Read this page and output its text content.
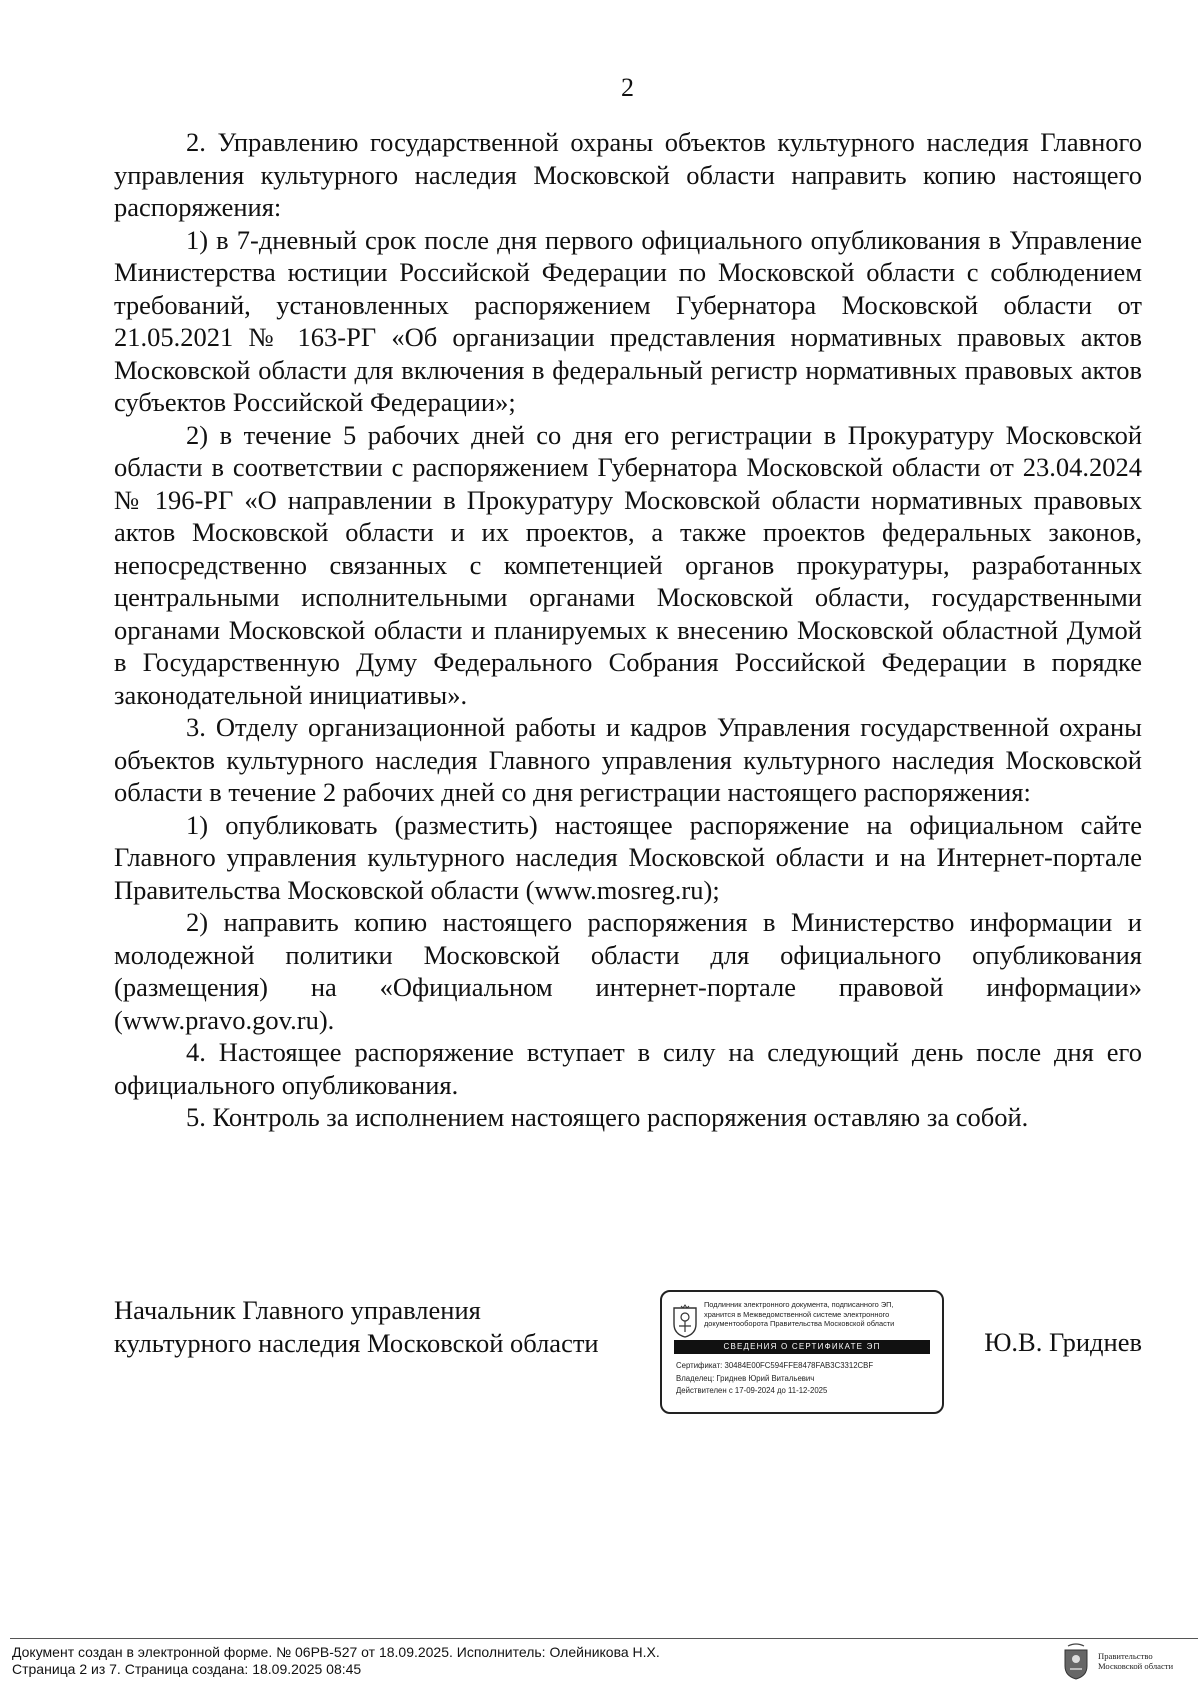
2

2. Управлению государственной охраны объектов культурного наследия Главного управления культурного наследия Московской области направить копию настоящего распоряжения:

1) в 7-дневный срок после дня первого официального опубликования в Управление Министерства юстиции Российской Федерации по Московской области с соблюдением требований, установленных распоряжением Губернатора Московской области от 21.05.2021 № 163-РГ «Об организации представления нормативных правовых актов Московской области для включения в федеральный регистр нормативных правовых актов субъектов Российской Федерации»;

2) в течение 5 рабочих дней со дня его регистрации в Прокуратуру Московской области в соответствии с распоряжением Губернатора Московской области от 23.04.2024 № 196-РГ «О направлении в Прокуратуру Московской области нормативных правовых актов Московской области и их проектов, а также проектов федеральных законов, непосредственно связанных с компетенцией органов прокуратуры, разработанных центральными исполнительными органами Московской области, государственными органами Московской области и планируемых к внесению Московской областной Думой в Государственную Думу Федерального Собрания Российской Федерации в порядке законодательной инициативы».

3. Отделу организационной работы и кадров Управления государственной охраны объектов культурного наследия Главного управления культурного наследия Московской области в течение 2 рабочих дней со дня регистрации настоящего распоряжения:

1) опубликовать (разместить) настоящее распоряжение на официальном сайте Главного управления культурного наследия Московской области и на Интернет-портале Правительства Московской области (www.mosreg.ru);

2) направить копию настоящего распоряжения в Министерство информации и молодежной политики Московской области для официального опубликования (размещения) на «Официальном интернет-портале правовой информации» (www.pravo.gov.ru).

4. Настоящее распоряжение вступает в силу на следующий день после дня его официального опубликования.

5. Контроль за исполнением настоящего распоряжения оставляю за собой.

Начальник Главного управления
культурного наследия Московской области
Подлинник электронного документа, подписанного ЭП,
хранится в Межведомственной системе электронного
документооборота Правительства Московской области
СВЕДЕНИЯ О СЕРТИФИКАТЕ ЭП
Сертификат: 30484E00FC594FFE8478FAB3C3312CBF
Владелец: Гриднев Юрий Витальевич
Действителен с 17-09-2024 до 11-12-2025
Ю.В. Гриднев
Документ создан в электронной форме. № 06РВ-527 от 18.09.2025. Исполнитель: Олейникова Н.Х.
Страница 2 из 7. Страница создана: 18.09.2025 08:45
Правительство
Московской области
